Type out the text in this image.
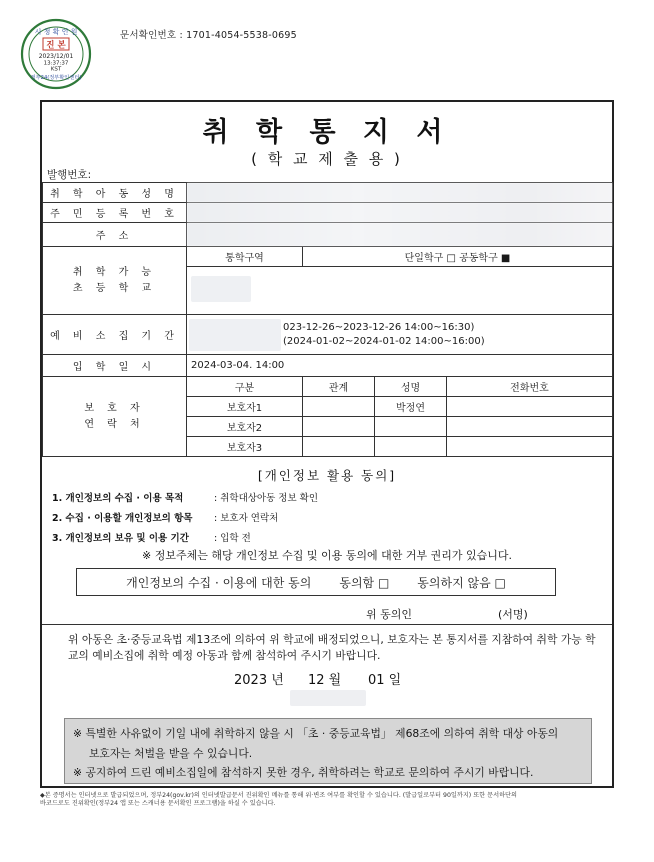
시 청 확 인 원
진 본
2023/12/01
13:37:37
KST
정부24(정부확인센터)
문서확인번호 : 1701-4054-5538-0695
취 학 통 지 서
( 학 교 제 출 용 )
발행번호:
취 학 아 동 성 명				
주 민 등 록 번 호				
주 소				

취 학 가 능
초 등 학 교	통학구역	단일학구 □ 공동학구 ■		

예 비 소 집 기 간	023-12-26~2023-12-26 14:00~16:30)
(2024-01-02~2024-01-02 14:00~16:00)			

입 학 일 시	2024-03-04. 14:00			

보 호 자
연 락 처	구분	관계	성명	전화번호
	보호자1		박정연	
	보호자2			
	보호자3			
[개인정보 활용 동의]
1. 개인정보의 수집 · 이용 목적	: 취학대상아동 정보 확인
2. 수집 · 이용할 개인정보의 항목 : 보호자 연락처
3. 개인정보의 보유 및 이용 기간	: 입학 전
※ 정보주체는 해당 개인정보 수집 및 이용 동의에 대한 거부 권리가 있습니다.
개인정보의 수집 · 이용에 대한 동의 동의함 □ 동의하지 않음 □
위 동의인	(서명)
위 아동은 초·중등교육법 제13조에 의하여 위 학교에 배정되었으니, 보호자는 본 통지서를 지참하여 취학 가능 학교의 예비소집에 취학 예정 아동과 함께 참석하여 주시기 바랍니다.
2023 년 12 월 01 일
※ 특별한 사유없이 기일 내에 취학하지 않을 시 「초 · 중등교육법」 제68조에 의하여 취학 대상 아동의
보호자는 처벌을 받을 수 있습니다.
※ 공지하여 드린 예비소집일에 참석하지 못한 경우, 취학하려는 학교로 문의하여 주시기 바랍니다.
◆본 증명서는 인터넷으로 발급되었으며, 정부24(gov.kr)의 인터넷발급문서 진위확인 메뉴를 통해 위·변조 여부를 확인할 수 있습니다. (발급일로부터 90일까지) 또한 문서하단의
바코드로도 진위확인(정부24 앱 또는 스캐너용 문서확인 프로그램)을 하실 수 있습니다.
